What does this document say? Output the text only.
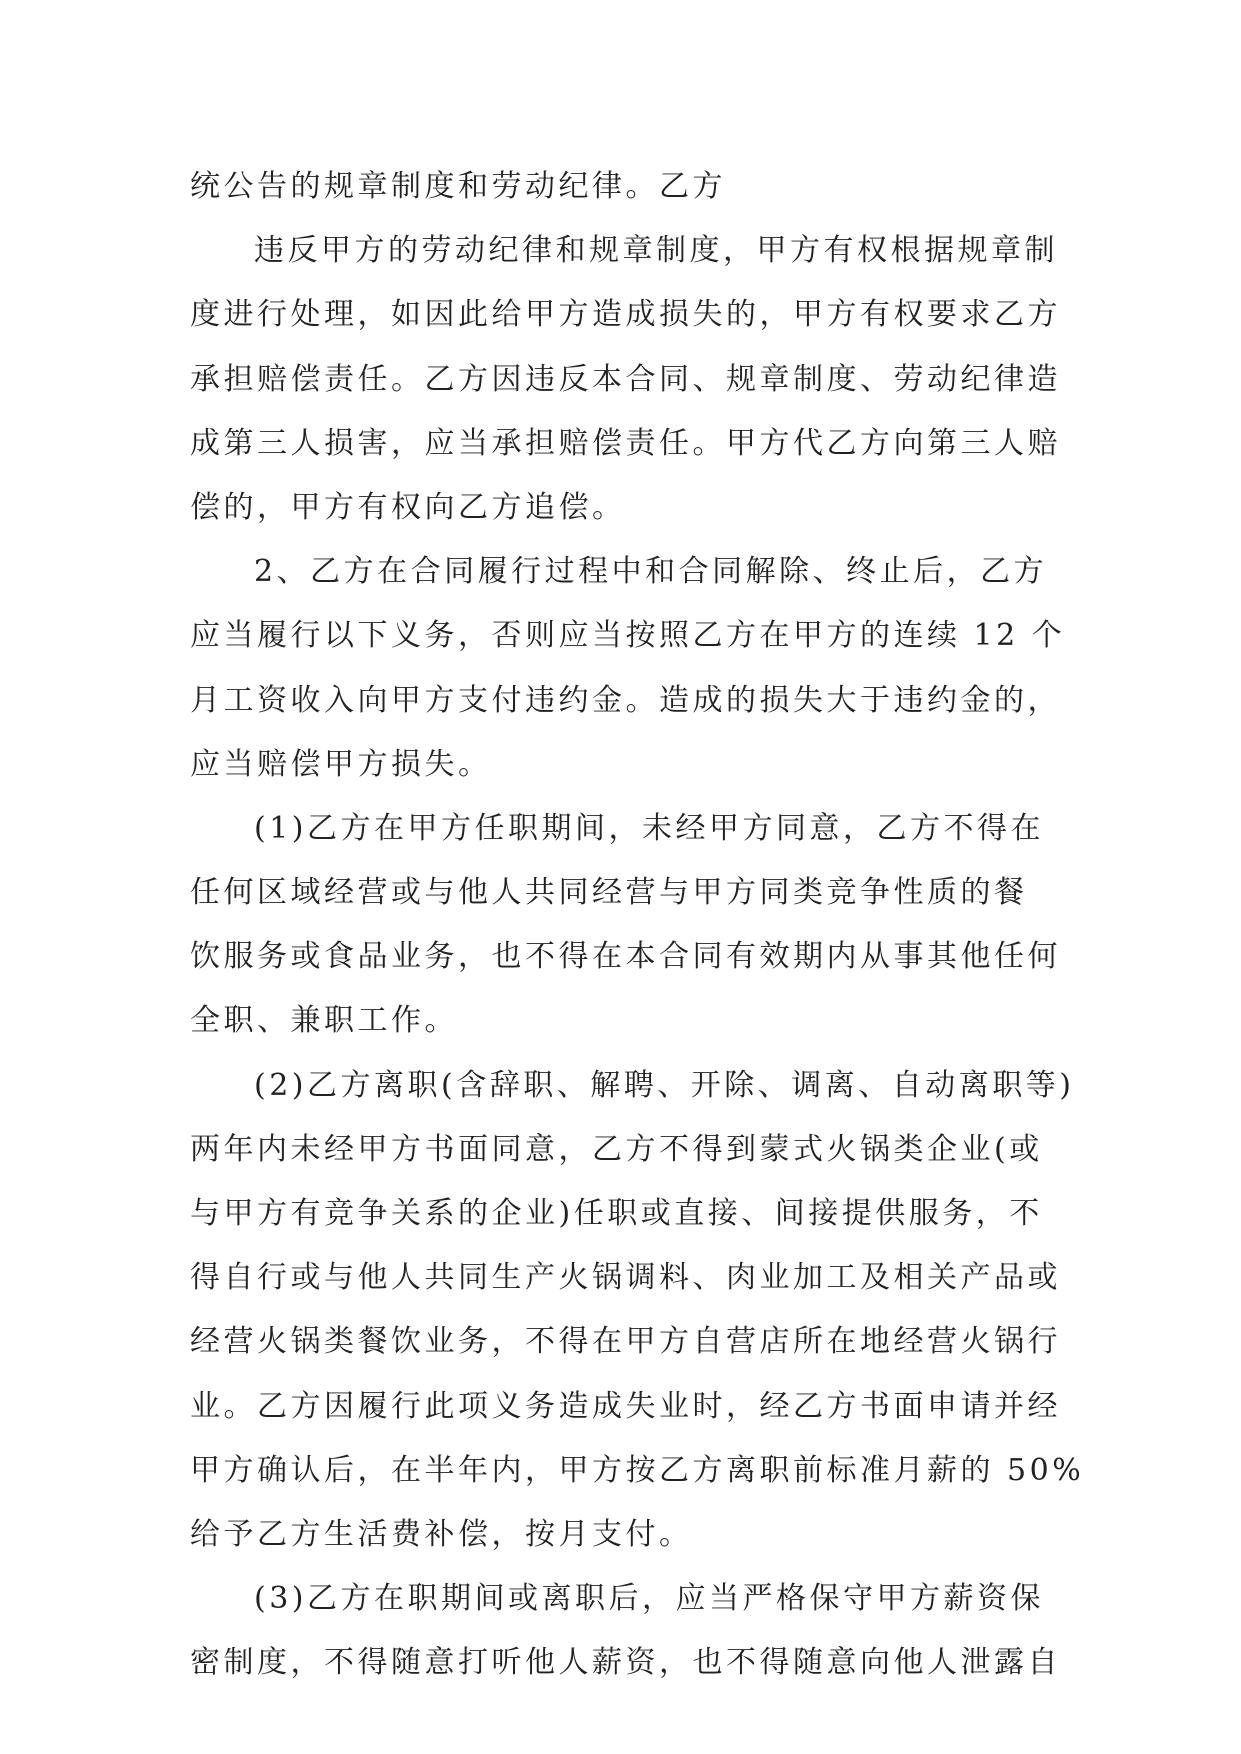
统公告的规章制度和劳动纪律。乙方
违反甲方的劳动纪律和规章制度，甲方有权根据规章制
度进行处理，如因此给甲方造成损失的，甲方有权要求乙方
承担赔偿责任。乙方因违反本合同、规章制度、劳动纪律造
成第三人损害，应当承担赔偿责任。甲方代乙方向第三人赔
偿的，甲方有权向乙方追偿。
2、乙方在合同履行过程中和合同解除、终止后，乙方
应当履行以下义务，否则应当按照乙方在甲方的连续 12 个
月工资收入向甲方支付违约金。造成的损失大于违约金的，
应当赔偿甲方损失。
(1)乙方在甲方任职期间，未经甲方同意，乙方不得在
任何区域经营或与他人共同经营与甲方同类竞争性质的餐
饮服务或食品业务，也不得在本合同有效期内从事其他任何
全职、兼职工作。
(2)乙方离职(含辞职、解聘、开除、调离、自动离职等)
两年内未经甲方书面同意，乙方不得到蒙式火锅类企业(或
与甲方有竞争关系的企业)任职或直接、间接提供服务，不
得自行或与他人共同生产火锅调料、肉业加工及相关产品或
经营火锅类餐饮业务，不得在甲方自营店所在地经营火锅行
业。乙方因履行此项义务造成失业时，经乙方书面申请并经
甲方确认后，在半年内，甲方按乙方离职前标准月薪的 50%
给予乙方生活费补偿，按月支付。
(3)乙方在职期间或离职后，应当严格保守甲方薪资保
密制度，不得随意打听他人薪资，也不得随意向他人泄露自
